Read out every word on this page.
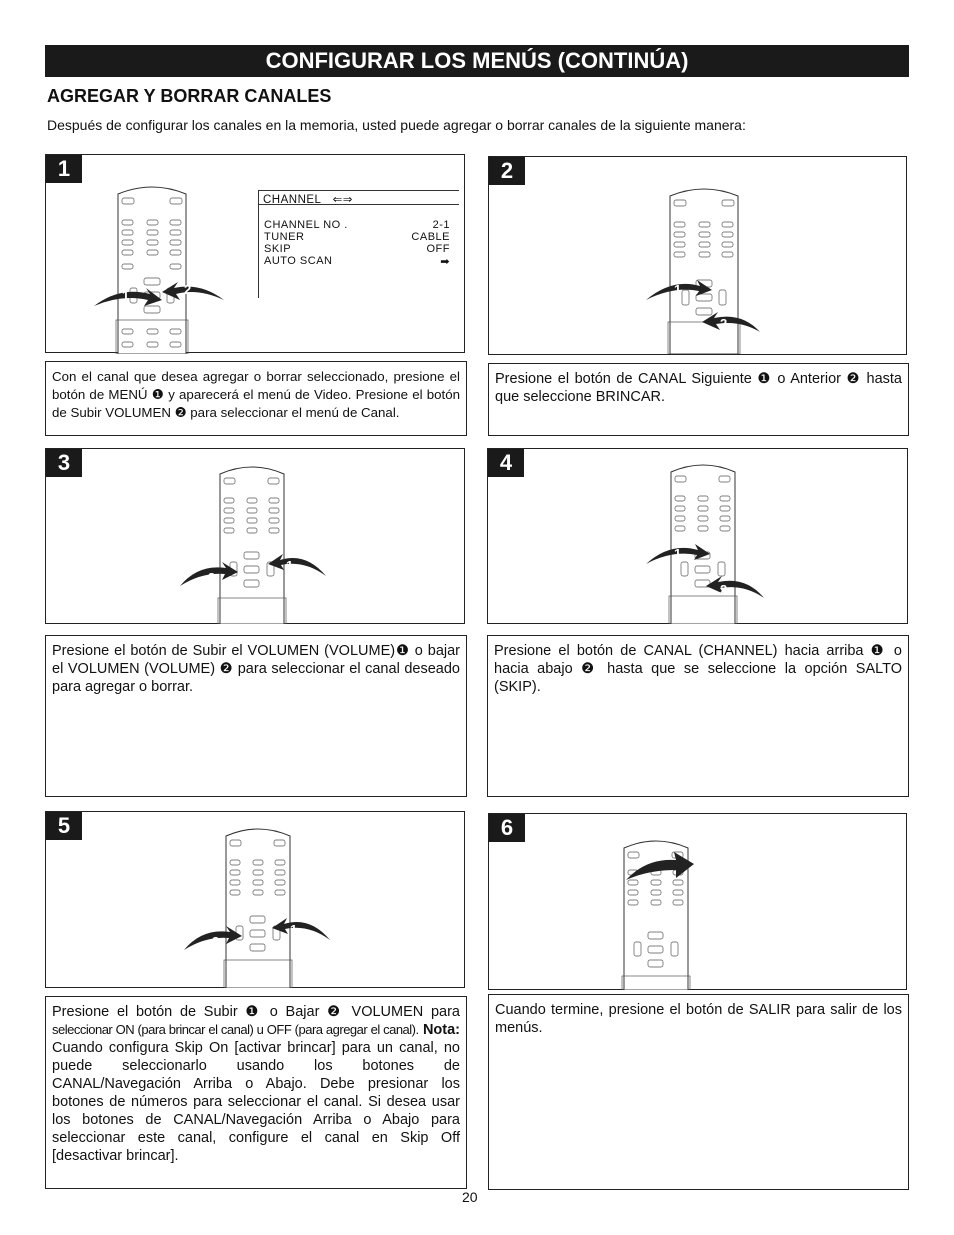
CONFIGURAR LOS MENÚS (CONTINÚA)
AGREGAR Y BORRAR CANALES
Después de configurar los canales en la memoria, usted puede agregar o borrar canales de la siguiente manera:
1
1	2
CHANNEL ⇐⇒
CHANNEL NO .	2-1
TUNER	CABLE
SKIP	OFF
AUTO SCAN	➡
2
1
2
Con el canal que desea agregar o borrar seleccionado, presione el botón de MENÚ ❶ y aparecerá el menú de Video. Presione el botón de Subir VOLUMEN ❷ para seleccionar el menú de Canal.
Presione el botón de CANAL Siguiente ❶ o Anterior ❷ hasta que seleccione BRINCAR.
3
2
1
4
1
2
Presione el botón de Subir el VOLUMEN (VOLUME)❶ o bajar el VOLUMEN (VOLUME) ❷ para seleccionar el canal deseado para agregar o borrar.
Presione el botón de CANAL (CHANNEL) hacia arriba ❶ o hacia abajo ❷ hasta que se seleccione la opción SALTO (SKIP).
5
2
1
6
Presione el botón de Subir ❶ o Bajar ❷ VOLUMEN para seleccionar ON (para brincar el canal) u OFF (para agregar el canal). Nota: Cuando configura Skip On [activar brincar] para un canal, no puede seleccionarlo usando los botones de CANAL/Navegación Arriba o Abajo. Debe presionar los botones de números para seleccionar el canal. Si desea usar los botones de CANAL/Navegación Arriba o Abajo para seleccionar este canal, configure el canal en Skip Off [desactivar brincar].
Cuando termine, presione el botón de SALIR para salir de los menús.
20
